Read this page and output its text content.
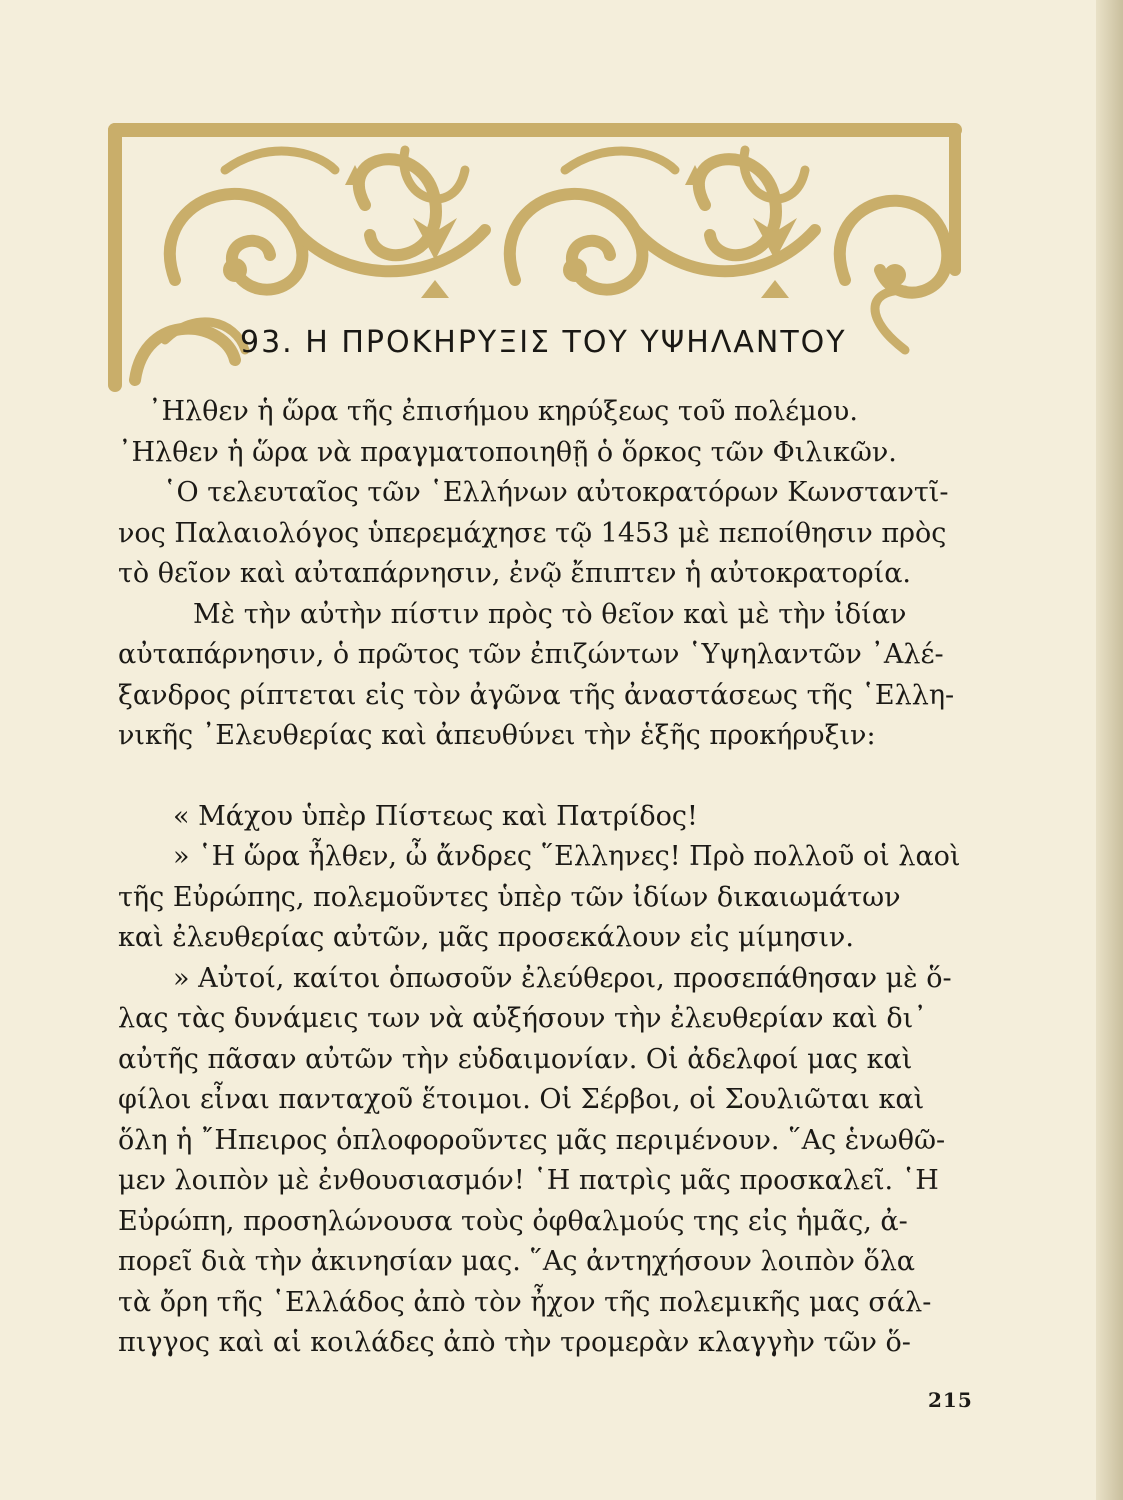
93. Η ΠΡΟΚΗΡΥΞΙΣ ΤΟΥ ΥΨΗΛΑΝΤΟΥ
᾽Ηλθεν ἡ ὥρα τῆς ἐπισήμου κηρύξεως τοῦ πολέμου.
᾽Ηλθεν ἡ ὥρα νὰ πραγματοποιηθῇ ὁ ὅρκος τῶν Φιλικῶν.
῾Ο τελευταῖος τῶν ῾Ελλήνων αὐτοκρατόρων Κωνσταντῖ-
νος Παλαιολόγος ὑπερεμάχησε τῷ 1453 μὲ πεποίθησιν πρὸς
τὸ θεῖον καὶ αὐταπάρνησιν, ἐνῷ ἔπιπτεν ἡ αὐτοκρατορία.
Μὲ τὴν αὐτὴν πίστιν πρὸς τὸ θεῖον καὶ μὲ τὴν ἰδίαν
αὐταπάρνησιν, ὁ πρῶτος τῶν ἐπιζώντων ῾Υψηλαντῶν ᾽Αλέ-
ξανδρος ρίπτεται εἰς τὸν ἀγῶνα τῆς ἀναστάσεως τῆς ῾Ελλη-
νικῆς ᾽Ελευθερίας καὶ ἀπευθύνει τὴν ἑξῆς προκήρυξιν:
« Μάχου ὑπὲρ Πίστεως καὶ Πατρίδος!
» ῾Η ὥρα ἦλθεν, ὦ ἄνδρες ῞Ελληνες! Πρὸ πολλοῦ οἱ λαοὶ
τῆς Εὐρώπης, πολεμοῦντες ὑπὲρ τῶν ἰδίων δικαιωμάτων
καὶ ἐλευθερίας αὐτῶν, μᾶς προσεκάλουν εἰς μίμησιν.
» Αὐτοί, καίτοι ὁπωσοῦν ἐλεύθεροι, προσεπάθησαν μὲ ὅ-
λας τὰς δυνάμεις των νὰ αὐξήσουν τὴν ἐλευθερίαν καὶ δι᾽
αὐτῆς πᾶσαν αὐτῶν τὴν εὐδαιμονίαν. Οἱ ἀδελφοί μας καὶ
φίλοι εἶναι πανταχοῦ ἕτοιμοι. Οἱ Σέρβοι, οἱ Σουλιῶται καὶ
ὅλη ἡ ῎Ηπειρος ὁπλοφοροῦντες μᾶς περιμένουν. ῞Ας ἑνωθῶ-
μεν λοιπὸν μὲ ἐνθουσιασμόν! ῾Η πατρὶς μᾶς προσκαλεῖ. ῾Η
Εὐρώπη, προσηλώνουσα τοὺς ὀφθαλμούς της εἰς ἡμᾶς, ἀ-
πορεῖ διὰ τὴν ἀκινησίαν μας. ῞Ας ἀντηχήσουν λοιπὸν ὅλα
τὰ ὄρη τῆς ῾Ελλάδος ἀπὸ τὸν ἦχον τῆς πολεμικῆς μας σάλ-
πιγγος καὶ αἱ κοιλάδες ἀπὸ τὴν τρομερὰν κλαγγὴν τῶν ὅ-
215
